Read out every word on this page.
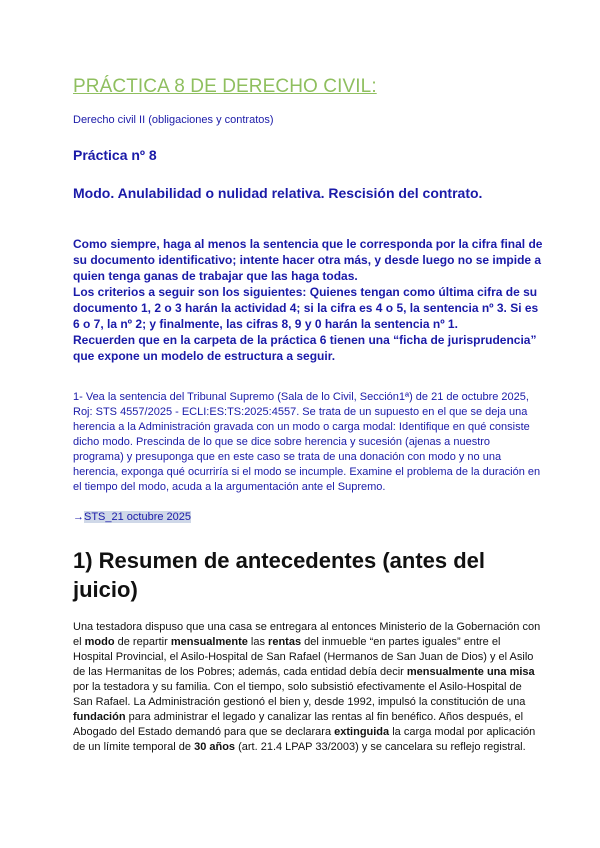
PRÁCTICA 8 DE DERECHO CIVIL:
Derecho civil II (obligaciones y contratos)
Práctica nº 8
Modo. Anulabilidad o nulidad relativa. Rescisión del contrato.

Como siempre, haga al menos la sentencia que le corresponda por la cifra final de su documento identificativo; intente hacer otra más, y desde luego no se impide a quien tenga ganas de trabajar que las haga todas.

Los criterios a seguir son los siguientes: Quienes tengan como última cifra de su documento 1, 2 o 3 harán la actividad 4; si la cifra es 4 o 5, la sentencia nº 3. Si es 6 o 7, la nº 2; y finalmente, las cifras 8, 9 y 0 harán la sentencia nº 1.

Recuerden que en la carpeta de la práctica 6 tienen una “ficha de jurisprudencia” que expone un modelo de estructura a seguir.

1- Vea la sentencia del Tribunal Supremo (Sala de lo Civil, Sección1ª) de 21 de octubre 2025, Roj: STS 4557/2025 - ECLI:ES:TS:2025:4557. Se trata de un supuesto en el que se deja una herencia a la Administración gravada con un modo o carga modal: Identifique en qué consiste dicho modo. Prescinda de lo que se dice sobre herencia y sucesión (ajenas a nuestro programa) y presuponga que en este caso se trata de una donación con modo y no una herencia, exponga qué ocurriría si el modo se incumple. Examine el problema de la duración en el tiempo del modo, acuda a la argumentación ante el Supremo.
→STS_21 octubre 2025
1) Resumen de antecedentes (antes del juicio)
Una testadora dispuso que una casa se entregara al entonces Ministerio de la Gobernación con el modo de repartir mensualmente las rentas del inmueble “en partes iguales” entre el Hospital Provincial, el Asilo-Hospital de San Rafael (Hermanos de San Juan de Dios) y el Asilo de las Hermanitas de los Pobres; además, cada entidad debía decir mensualmente una misa por la testadora y su familia. Con el tiempo, solo subsistió efectivamente el Asilo-Hospital de San Rafael. La Administración gestionó el bien y, desde 1992, impulsó la constitución de una fundación para administrar el legado y canalizar las rentas al fin benéfico. Años después, el Abogado del Estado demandó para que se declarara extinguida la carga modal por aplicación de un límite temporal de 30 años (art. 21.4 LPAP 33/2003) y se cancelara su reflejo registral.
